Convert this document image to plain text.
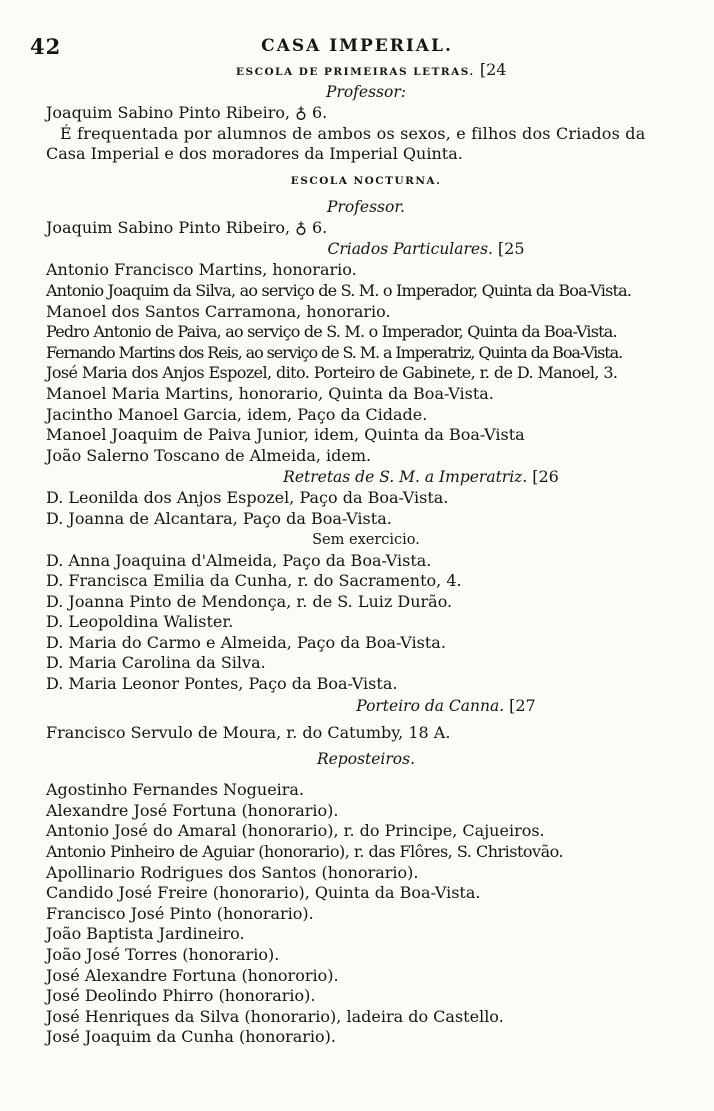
42	CASA IMPERIAL.
ESCOLA DE PRIMEIRAS LETRAS. [24
Professor:
Joaquim Sabino Pinto Ribeiro, ♁ 6.
É frequentada por alumnos de ambos os sexos, e filhos dos Criados da
Casa Imperial e dos moradores da Imperial Quinta.
ESCOLA NOCTURNA.
Professor.
Joaquim Sabino Pinto Ribeiro, ♁ 6.
Criados Particulares. [25
Antonio Francisco Martins, honorario.
Antonio Joaquim da Silva, ao serviço de S. M. o Imperador, Quinta da Boa-Vista.
Manoel dos Santos Carramona, honorario.
Pedro Antonio de Paiva, ao serviço de S. M. o Imperador, Quinta da Boa-Vista.
Fernando Martins dos Reis, ao serviço de S. M. a Imperatriz, Quinta da Boa-Vista.
José Maria dos Anjos Espozel, dito. Porteiro de Gabinete, r. de D. Manoel, 3.
Manoel Maria Martins, honorario, Quinta da Boa-Vista.
Jacintho Manoel Garcia, idem, Paço da Cidade.
Manoel Joaquim de Paiva Junior, idem, Quinta da Boa-Vista
João Salerno Toscano de Almeida, idem.
Retretas de S. M. a Imperatriz. [26
D. Leonilda dos Anjos Espozel, Paço da Boa-Vista.
D. Joanna de Alcantara, Paço da Boa-Vista.
Sem exercicio.
D. Anna Joaquina d'Almeida, Paço da Boa-Vista.
D. Francisca Emilia da Cunha, r. do Sacramento, 4.
D. Joanna Pinto de Mendonça, r. de S. Luiz Durão.
D. Leopoldina Walister.
D. Maria do Carmo e Almeida, Paço da Boa-Vista.
D. Maria Carolina da Silva.
D. Maria Leonor Pontes, Paço da Boa-Vista.
Porteiro da Canna. [27
Francisco Servulo de Moura, r. do Catumby, 18 A.
Reposteiros.
Agostinho Fernandes Nogueira.
Alexandre José Fortuna (honorario).
Antonio José do Amaral (honorario), r. do Principe, Cajueiros.
Antonio Pinheiro de Aguiar (honorario), r. das Flôres, S. Christovão.
Apollinario Rodrigues dos Santos (honorario).
Candido José Freire (honorario), Quinta da Boa-Vista.
Francisco José Pinto (honorario).
João Baptista Jardineiro.
João José Torres (honorario).
José Alexandre Fortuna (honororio).
José Deolindo Phirro (honorario).
José Henriques da Silva (honorario), ladeira do Castello.
José Joaquim da Cunha (honorario).
